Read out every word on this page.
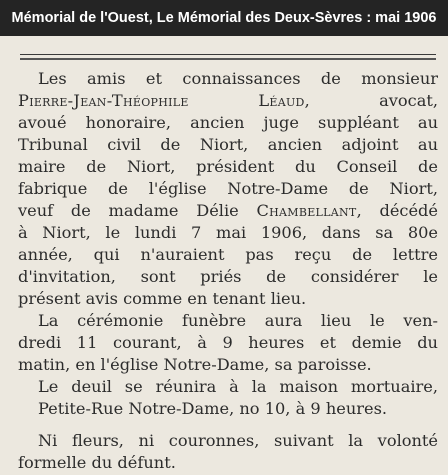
Mémorial de l'Ouest, Le Mémorial des Deux-Sèvres : mai 1906
Les amis et connaissances de monsieur
Pierre-Jean-Théophile Léaud, avocat,
avoué honoraire, ancien juge suppléant au
Tribunal civil de Niort, ancien adjoint au
maire de Niort, président du Conseil de
fabrique de l'église Notre-Dame de Niort,
veuf de madame Délie Chambellant, décédé
à Niort, le lundi 7 mai 1906, dans sa 80e
année, qui n'auraient pas reçu de lettre
d'invitation, sont priés de considérer le
présent avis comme en tenant lieu.
La cérémonie funèbre aura lieu le ven-
dredi 11 courant, à 9 heures et demie du
matin, en l'église Notre-Dame, sa paroisse.
Le deuil se réunira à la maison mortuaire,
Petite-Rue Notre-Dame, no 10, à 9 heures.
Ni fleurs, ni couronnes, suivant la volonté
formelle du défunt.
